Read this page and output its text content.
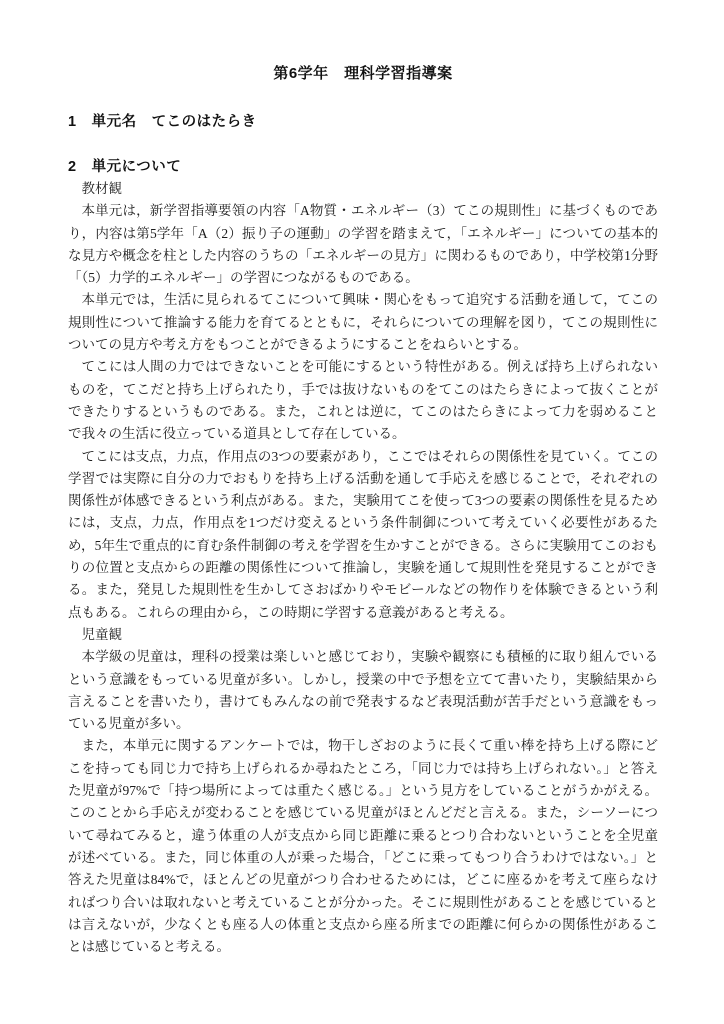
第6学年　理科学習指導案
1　単元名　てこのはたらき
2　単元について

教材観

本単元は，新学習指導要領の内容「A物質・エネルギー（3）てこの規則性」に基づくものであり，内容は第5学年「A（2）振り子の運動」の学習を踏まえて，「エネルギー」についての基本的な見方や概念を柱とした内容のうちの「エネルギーの見方」に関わるものであり，中学校第1分野「（5）力学的エネルギー」の学習につながるものである。

本単元では，生活に見られるてこについて興味・関心をもって追究する活動を通して，てこの規則性について推論する能力を育てるとともに，それらについての理解を図り，てこの規則性についての見方や考え方をもつことができるようにすることをねらいとする。

てこには人間の力ではできないことを可能にするという特性がある。例えば持ち上げられないものを，てこだと持ち上げられたり，手では抜けないものをてこのはたらきによって抜くことができたりするというものである。また，これとは逆に，てこのはたらきによって力を弱めることで我々の生活に役立っている道具として存在している。

てこには支点，力点，作用点の3つの要素があり，ここではそれらの関係性を見ていく。てこの学習では実際に自分の力でおもりを持ち上げる活動を通して手応えを感じることで，それぞれの関係性が体感できるという利点がある。また，実験用てこを使って3つの要素の関係性を見るためには，支点，力点，作用点を1つだけ変えるという条件制御について考えていく必要性があるため，5年生で重点的に育む条件制御の考えを学習を生かすことができる。さらに実験用てこのおもりの位置と支点からの距離の関係性について推論し，実験を通して規則性を発見することができる。また，発見した規則性を生かしてさおばかりやモビールなどの物作りを体験できるという利点もある。これらの理由から，この時期に学習する意義があると考える。

児童観

本学級の児童は，理科の授業は楽しいと感じており，実験や観察にも積極的に取り組んでいるという意識をもっている児童が多い。しかし，授業の中で予想を立てて書いたり，実験結果から言えることを書いたり，書けてもみんなの前で発表するなど表現活動が苦手だという意識をもっている児童が多い。

また，本単元に関するアンケートでは，物干しざおのように長くて重い棒を持ち上げる際にどこを持っても同じ力で持ち上げられるか尋ねたところ，「同じ力では持ち上げられない。」と答えた児童が97%で「持つ場所によっては重たく感じる。」という見方をしていることがうかがえる。このことから手応えが変わることを感じている児童がほとんどだと言える。また，シーソーについて尋ねてみると，違う体重の人が支点から同じ距離に乗るとつり合わないということを全児童が述べている。また，同じ体重の人が乗った場合，「どこに乗ってもつり合うわけではない。」と答えた児童は84%で，ほとんどの児童がつり合わせるためには，どこに座るかを考えて座らなければつり合いは取れないと考えていることが分かった。そこに規則性があることを感じているとは言えないが，少なくとも座る人の体重と支点から座る所までの距離に何らかの関係性があることは感じていると考える。
